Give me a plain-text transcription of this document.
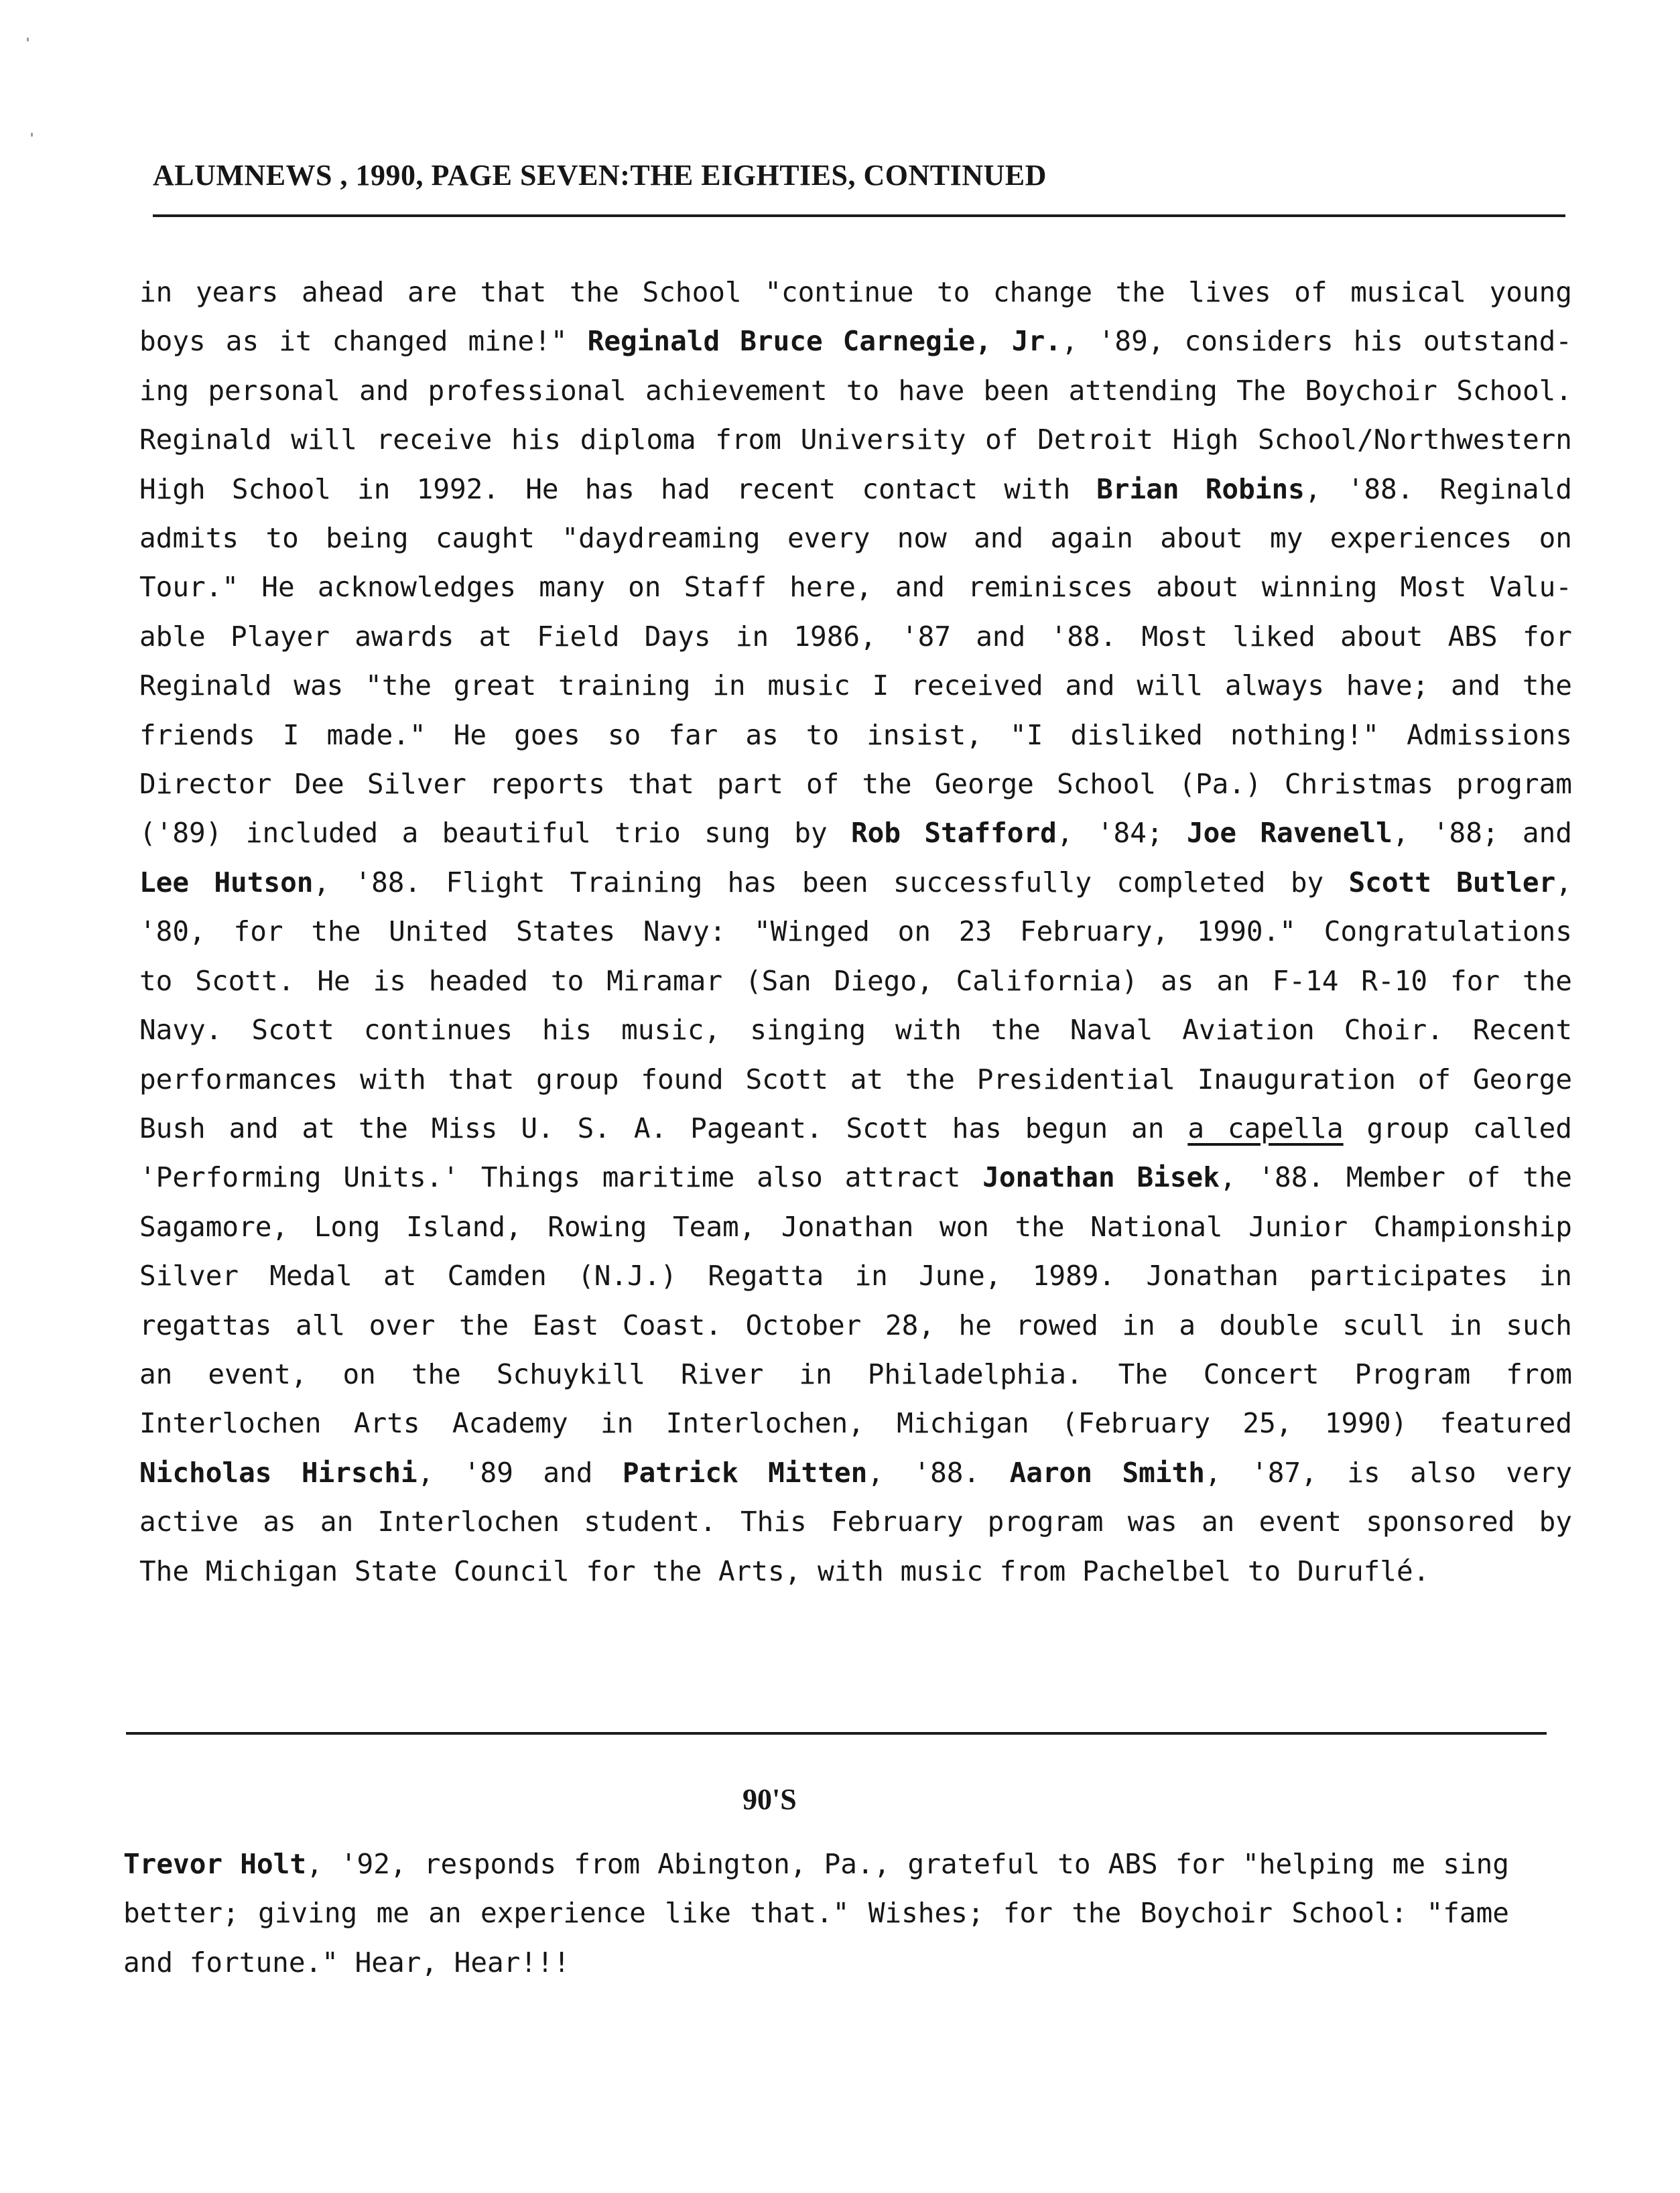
ALUMNEWS , 1990, PAGE SEVEN:THE EIGHTIES, CONTINUED
in years ahead are that the School "continue to change the lives of musical young
boys as it changed mine!" Reginald Bruce Carnegie, Jr., '89, considers his outstand-
ing personal and professional achievement to have been attending The Boychoir School.
Reginald will receive his diploma from University of Detroit High School/Northwestern
High School in 1992. He has had recent contact with Brian Robins, '88. Reginald
admits to being caught "daydreaming every now and again about my experiences on
Tour." He acknowledges many on Staff here, and reminisces about winning Most Valu-
able Player awards at Field Days in 1986, '87 and '88. Most liked about ABS for
Reginald was "the great training in music I received and will always have; and the
friends I made." He goes so far as to insist, "I disliked nothing!" Admissions
Director Dee Silver reports that part of the George School (Pa.) Christmas program
('89) included a beautiful trio sung by Rob Stafford, '84; Joe Ravenell, '88; and
Lee Hutson, '88. Flight Training has been successfully completed by Scott Butler,
'80, for the United States Navy: "Winged on 23 February, 1990." Congratulations
to Scott. He is headed to Miramar (San Diego, California) as an F-14 R-10 for the
Navy. Scott continues his music, singing with the Naval Aviation Choir. Recent
performances with that group found Scott at the Presidential Inauguration of George
Bush and at the Miss U. S. A. Pageant. Scott has begun an a capella group called
'Performing Units.' Things maritime also attract Jonathan Bisek, '88. Member of the
Sagamore, Long Island, Rowing Team, Jonathan won the National Junior Championship
Silver Medal at Camden (N.J.) Regatta in June, 1989. Jonathan participates in
regattas all over the East Coast. October 28, he rowed in a double scull in such
an event, on the Schuykill River in Philadelphia. The Concert Program from
Interlochen Arts Academy in Interlochen, Michigan (February 25, 1990) featured
Nicholas Hirschi, '89 and Patrick Mitten, '88. Aaron Smith, '87, is also very
active as an Interlochen student. This February program was an event sponsored by
The Michigan State Council for the Arts, with music from Pachelbel to Duruflé.
90'S
Trevor Holt, '92, responds from Abington, Pa., grateful to ABS for "helping me sing
better; giving me an experience like that." Wishes; for the Boychoir School: "fame
and fortune." Hear, Hear!!!
